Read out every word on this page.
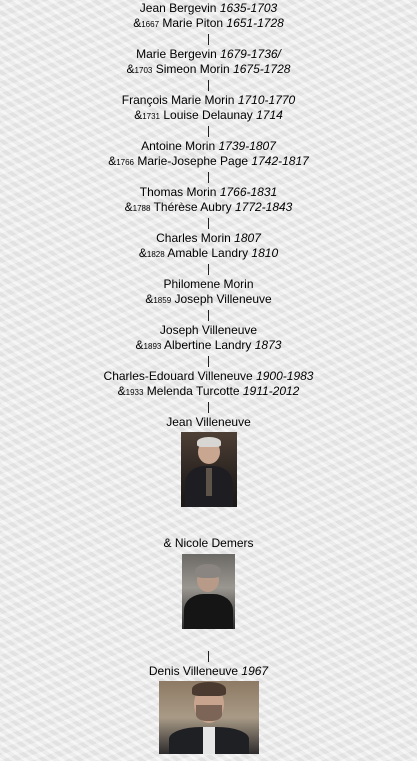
Jean Bergevin 1635-1703
&1667 Marie Piton 1651-1728
Marie Bergevin 1679-1736/
&1703 Simeon Morin 1675-1728
François Marie Morin 1710-1770
&1731 Louise Delaunay 1714
Antoine Morin 1739-1807
&1766 Marie-Josephe Page 1742-1817
Thomas Morin 1766-1831
&1788 Thérèse Aubry 1772-1843
Charles Morin 1807
&1828 Amable Landry 1810
Philomene Morin
&1859 Joseph Villeneuve
Joseph Villeneuve
&1893 Albertine Landry 1873
Charles-Edouard Villeneuve 1900-1983
&1933 Melenda Turcotte 1911-2012
Jean Villeneuve
& Nicole Demers
Denis Villeneuve 1967
